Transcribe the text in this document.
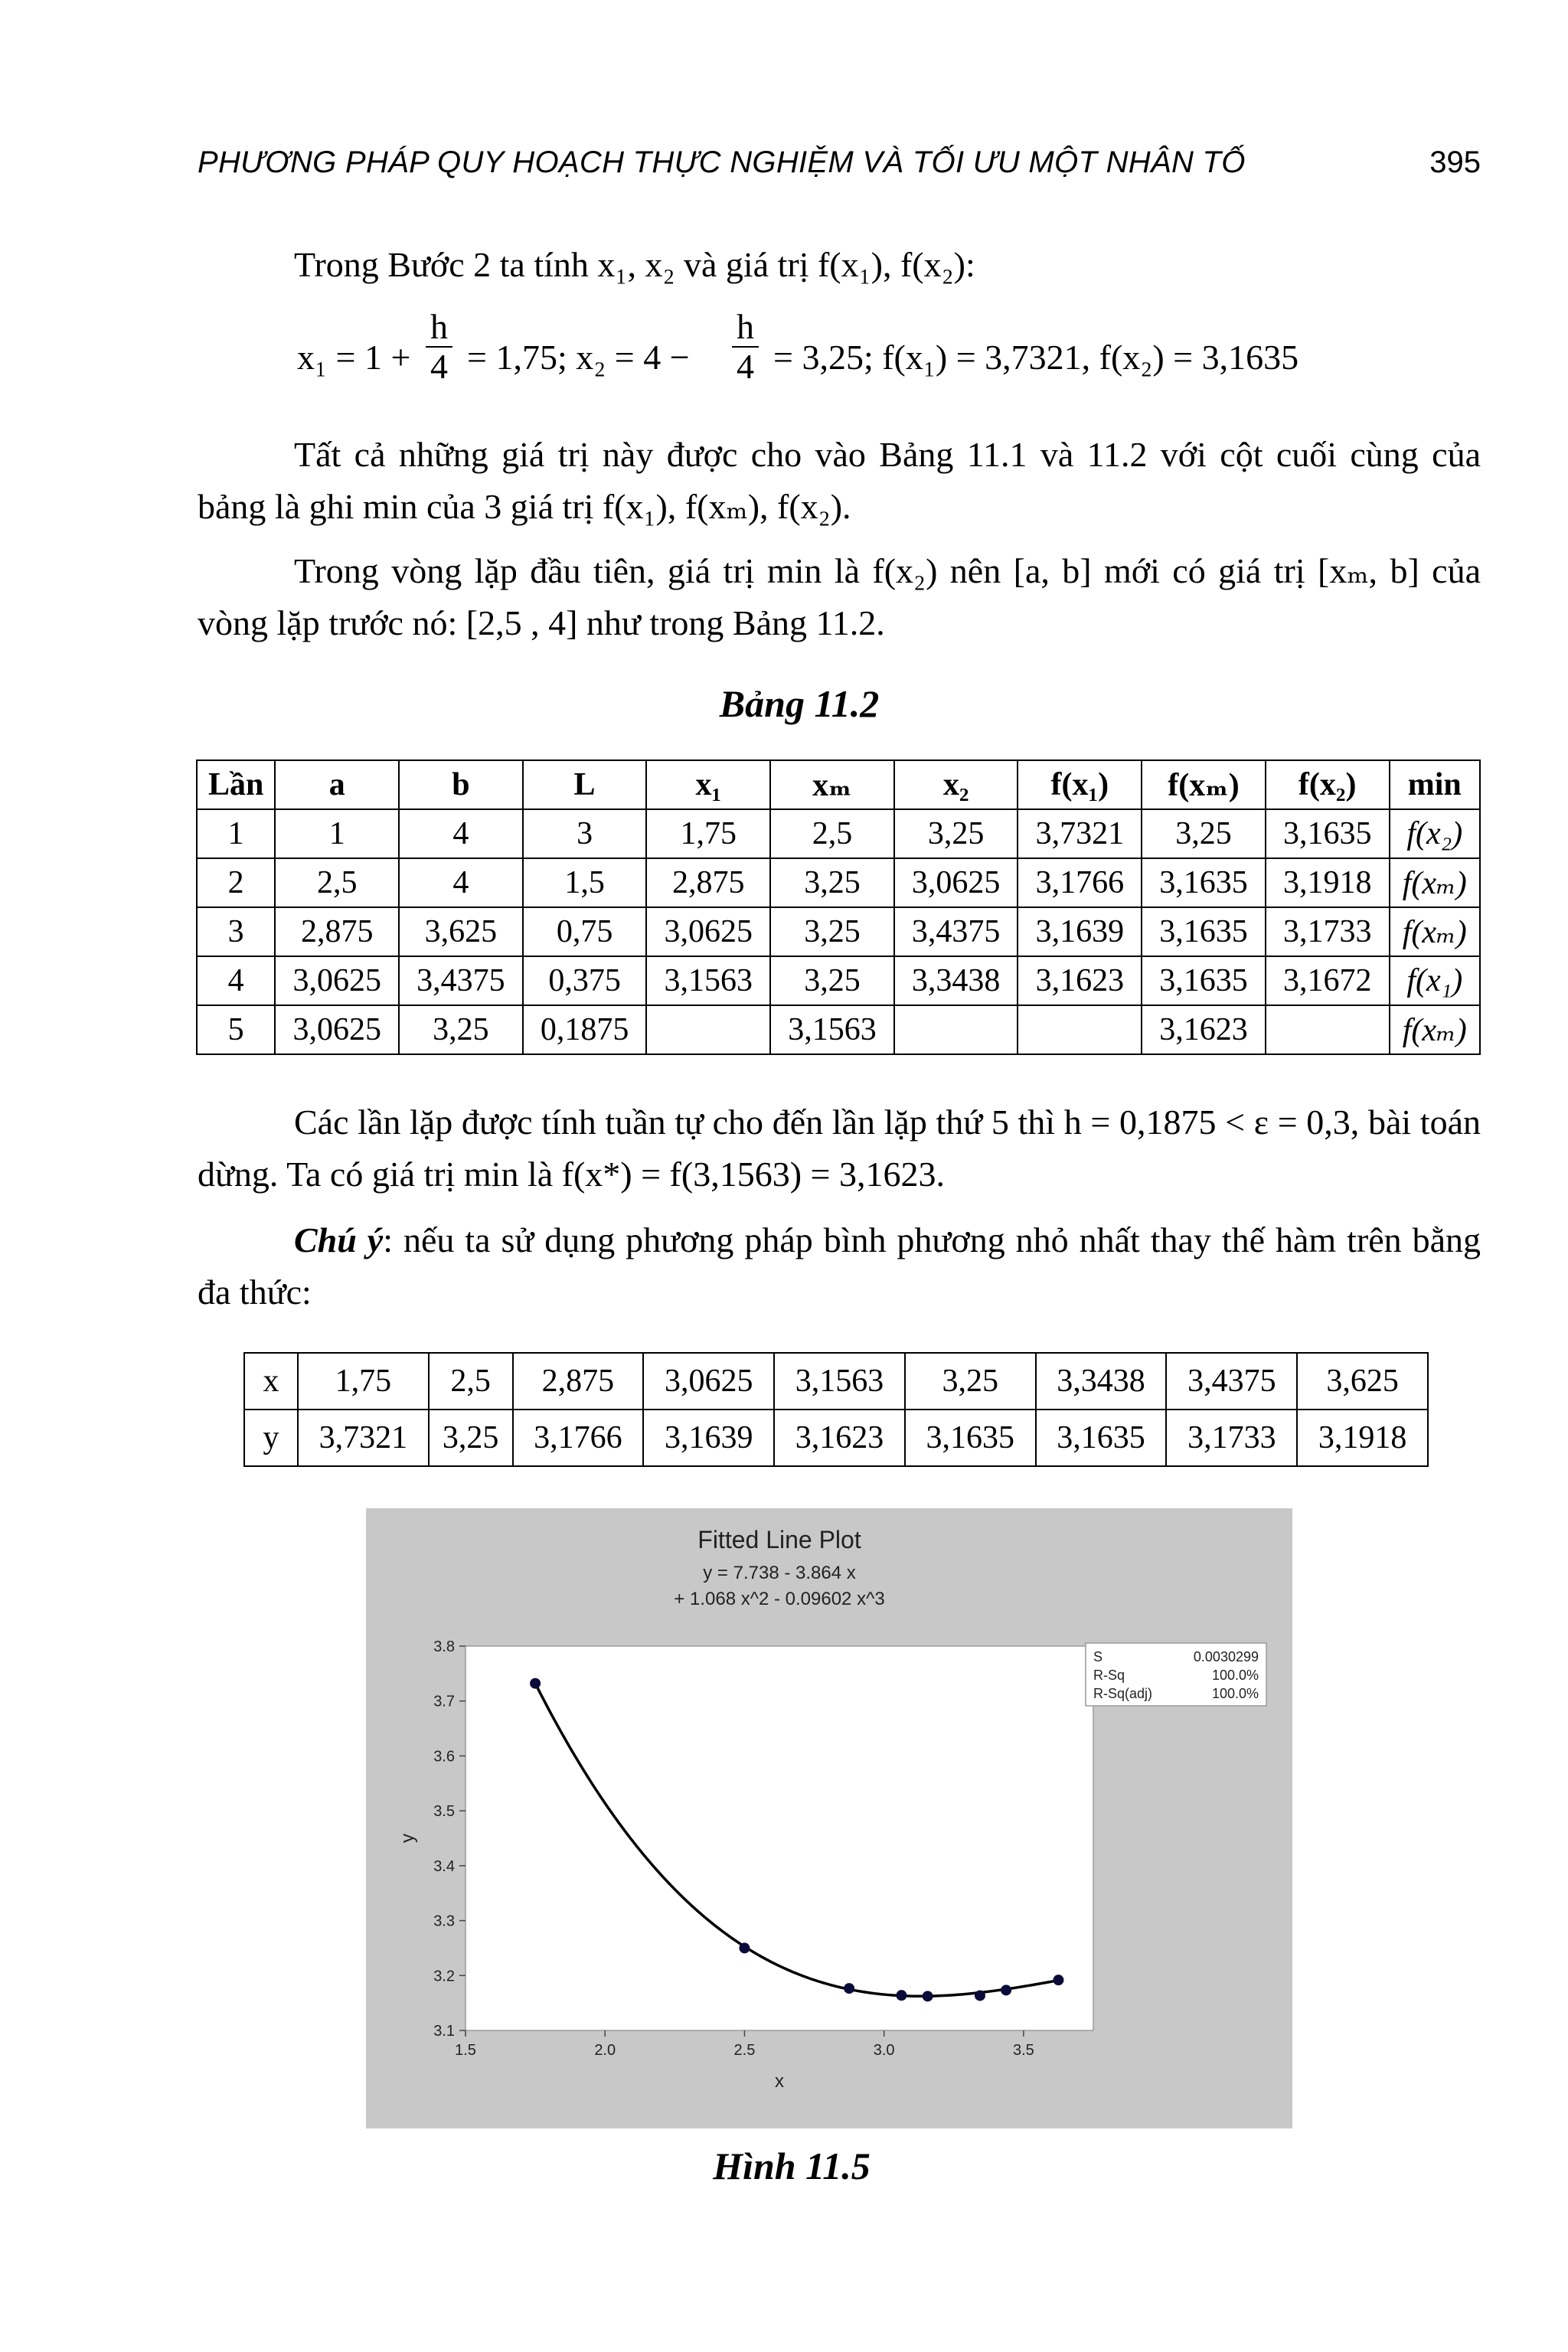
PHƯƠNG PHÁP QUY HOẠCH THỰC NGHIỆM VÀ TỐI ƯU MỘT NHÂN TỐ	395
Trong Bước 2 ta tính x₁, x₂ và giá trị f(x₁), f(x₂):
$x_1 = 1 + \frac{h}{4} = 1,75$; $x_2 = 4 - \frac{h}{4} = 3,25$; f(x₁) = 3,7321, f(x₂) = 3,1635
Tất cả những giá trị này được cho vào Bảng 11.1 và 11.2 với cột cuối cùng của bảng là ghi min của 3 giá trị f(x₁), f(xₘ), f(x₂).
Trong vòng lặp đầu tiên, giá trị min là f(x₂) nên [a, b] mới có giá trị [xₘ, b] của vòng lặp trước nó: [2,5 , 4] như trong Bảng 11.2.
Bảng 11.2
Lần	a	b	L	x₁	xₘ	x₂	f(x₁)	f(xₘ)	f(x₂)	min
1	1	4	3	1,75	2,5	3,25	3,7321	3,25	3,1635	f(x₂)
2	2,5	4	1,5	2,875	3,25	3,0625	3,1766	3,1635	3,1918	f(xₘ)
3	2,875	3,625	0,75	3,0625	3,25	3,4375	3,1639	3,1635	3,1733	f(xₘ)
4	3,0625	3,4375	0,375	3,1563	3,25	3,3438	3,1623	3,1635	3,1672	f(x₁)
5	3,0625	3,25	0,1875		3,1563			3,1623		f(xₘ)
Các lần lặp được tính tuần tự cho đến lần lặp thứ 5 thì h = 0,1875 < ε = 0,3, bài toán dừng. Ta có giá trị min là f(x*) = f(3,1563) = 3,1623.
Chú ý: nếu ta sử dụng phương pháp bình phương nhỏ nhất thay thế hàm trên bằng đa thức:
x	1,75	2,5	2,875	3,0625	3,1563	3,25	3,3438	3,4375	3,625
y	3,7321	3,25	3,1766	3,1639	3,1623	3,1635	3,1635	3,1733	3,1918
Fitted Line Plot
y = 7.738 - 3.864 x
+ 1.068 x^2 - 0.09602 x^3
3.1
3.2
3.3
3.4
3.5
3.6
3.7
3.8
1.5	2.0	2.5	3.0	3.5
x
y
S	0.0030299
R-Sq	100.0%
R-Sq(adj)	100.0%
Hình 11.5
